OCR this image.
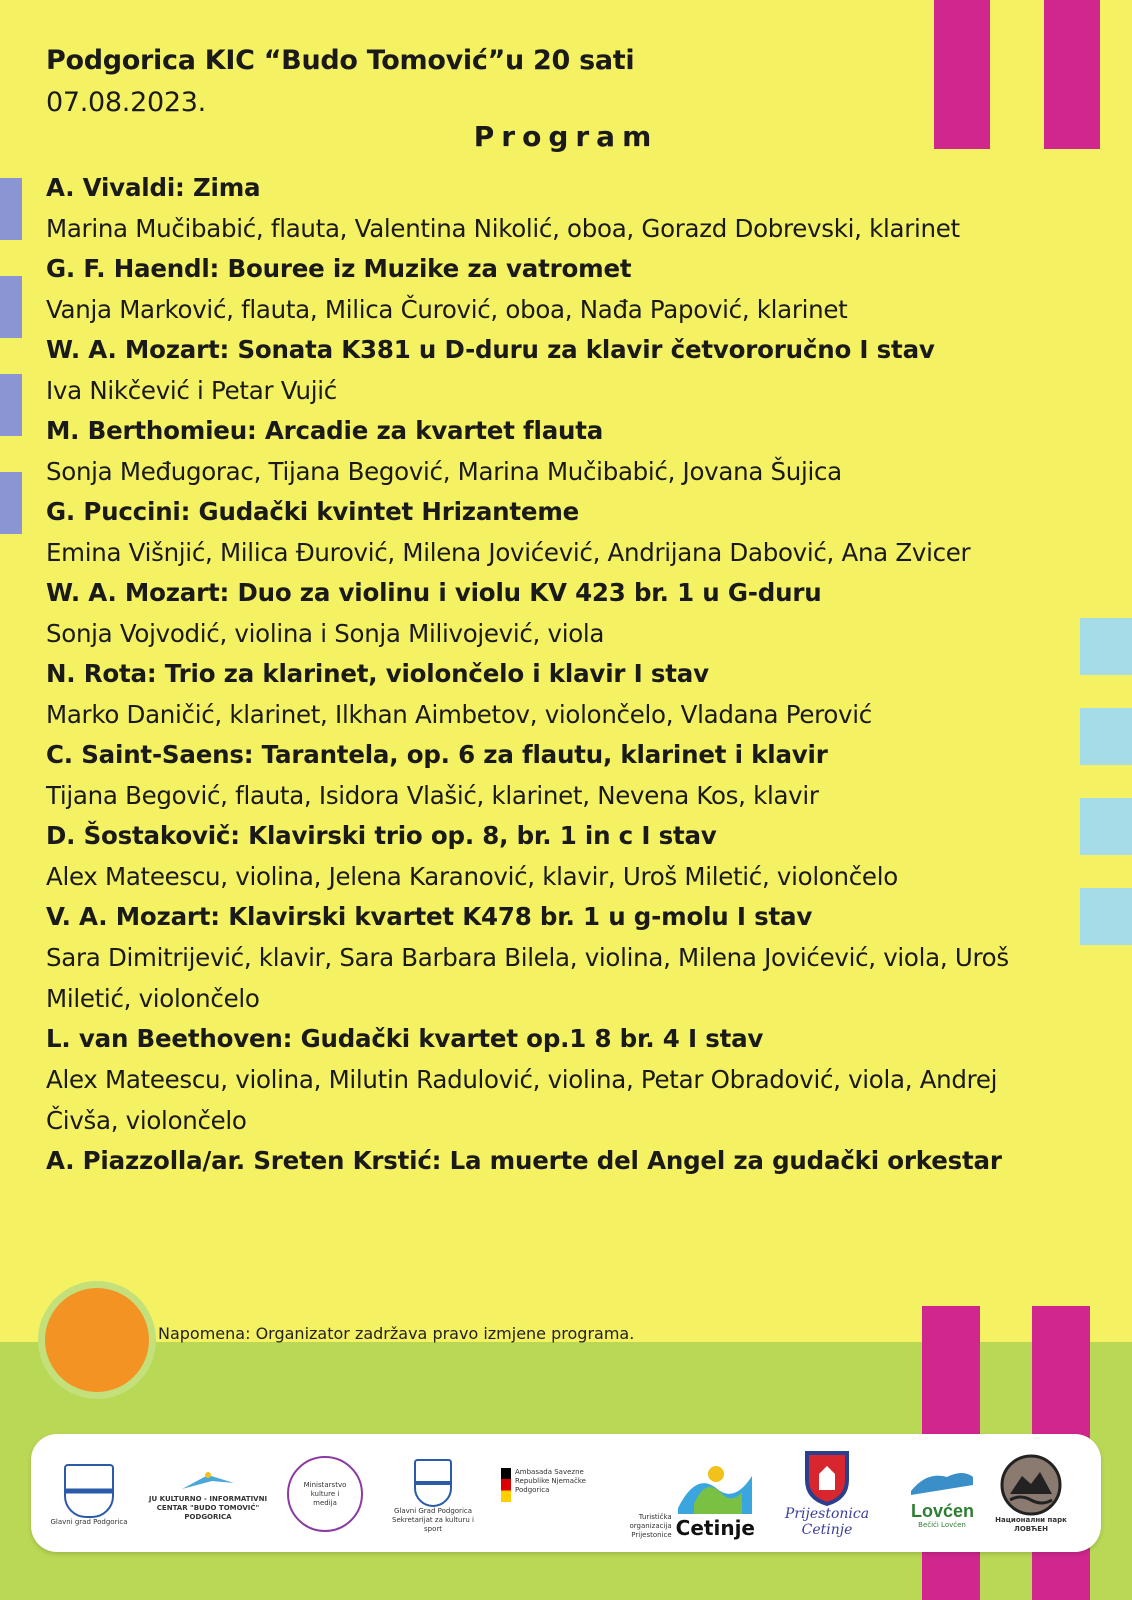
Podgorica KIC “Budo Tomović”u 20 sati
07.08.2023.
Program
A. Vivaldi: Zima
Marina Mučibabić, flauta, Valentina Nikolić, oboa, Gorazd Dobrevski, klarinet
G. F. Haendl: Bouree iz Muzike za vatromet
Vanja Marković, flauta, Milica Čurović, oboa, Nađa Papović, klarinet
W. A. Mozart: Sonata K381 u D-duru za klavir četvororučno I stav
Iva Nikčević i Petar Vujić
M. Berthomieu: Arcadie za kvartet flauta
Sonja Međugorac, Tijana Begović, Marina Mučibabić, Jovana Šujica
G. Puccini: Gudački kvintet Hrizanteme
Emina Višnjić, Milica Đurović, Milena Jovićević, Andrijana Dabović, Ana Zvicer
W. A. Mozart: Duo za violinu i violu KV 423 br. 1 u G-duru
Sonja Vojvodić, violina i Sonja Milivojević, viola
N. Rota: Trio za klarinet, violončelo i klavir I stav
Marko Daničić, klarinet, Ilkhan Aimbetov, violončelo, Vladana Perović
C. Saint-Saens: Tarantela, op. 6 za flautu, klarinet i klavir
Tijana Begović, flauta, Isidora Vlašić, klarinet, Nevena Kos, klavir
D. Šostakovič: Klavirski trio op. 8, br. 1 in c I stav
Alex Mateescu, violina, Jelena Karanović, klavir, Uroš Miletić, violončelo
V. A. Mozart: Klavirski kvartet K478 br. 1 u g-molu I stav
Sara Dimitrijević, klavir, Sara Barbara Bilela, violina, Milena Jovićević, viola, Uroš Miletić, violončelo
L. van Beethoven: Gudački kvartet op.1 8 br. 4 I stav
Alex Mateescu, violina, Milutin Radulović, violina, Petar Obradović, viola, Andrej Čivša, violončelo
A. Piazzolla/ar. Sreten Krstić: La muerte del Angel za gudački orkestar
Napomena: Organizator zadržava pravo izmjene programa.
Glavni grad Podgorica
JU KULTURNO - INFORMATIVNI CENTAR "BUDO TOMOVIĆ" PODGORICA
Ministarstvo kulture i medija
Glavni Grad Podgorica Sekretarijat za kulturu i sport
Ambasada Savezne Republike Njemačke Podgorica
Turistička organizacija Prijestonice Cetinje
Prijestonica Cetinje
Lovćen
Bečići Lovćen
Национални парк ЛОВЋЕН
